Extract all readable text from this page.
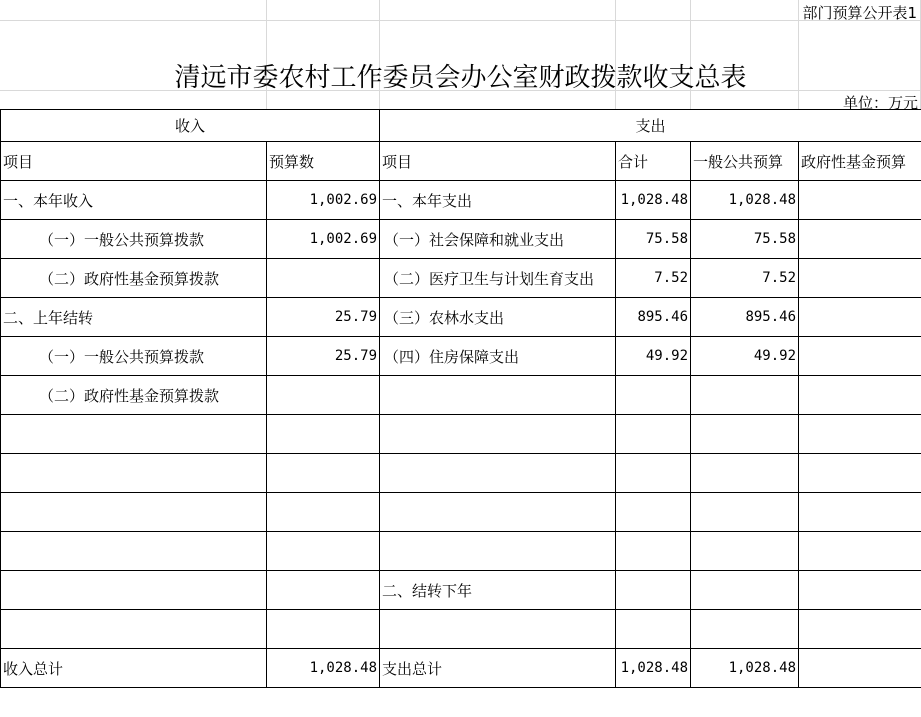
部门预算公开表1
清远市委农村工作委员会办公室财政拨款收支总表
单位：万元
收入		支出			
项目	预算数	项目	合计	一般公共预算	政府性基金预算
一、本年收入	1,002.69	一、本年支出	1,028.48	1,028.48	
（一）一般公共预算拨款	1,002.69	（一）社会保障和就业支出	75.58	75.58	
（二）政府性基金预算拨款		（二）医疗卫生与计划生育支出	7.52	7.52	
二、上年结转	25.79	（三）农林水支出	895.46	895.46	
（一）一般公共预算拨款	25.79	（四）住房保障支出	49.92	49.92	
（二）政府性基金预算拨款					

		二、结转下年			

收入总计	1,028.48	支出总计	1,028.48	1,028.48	
